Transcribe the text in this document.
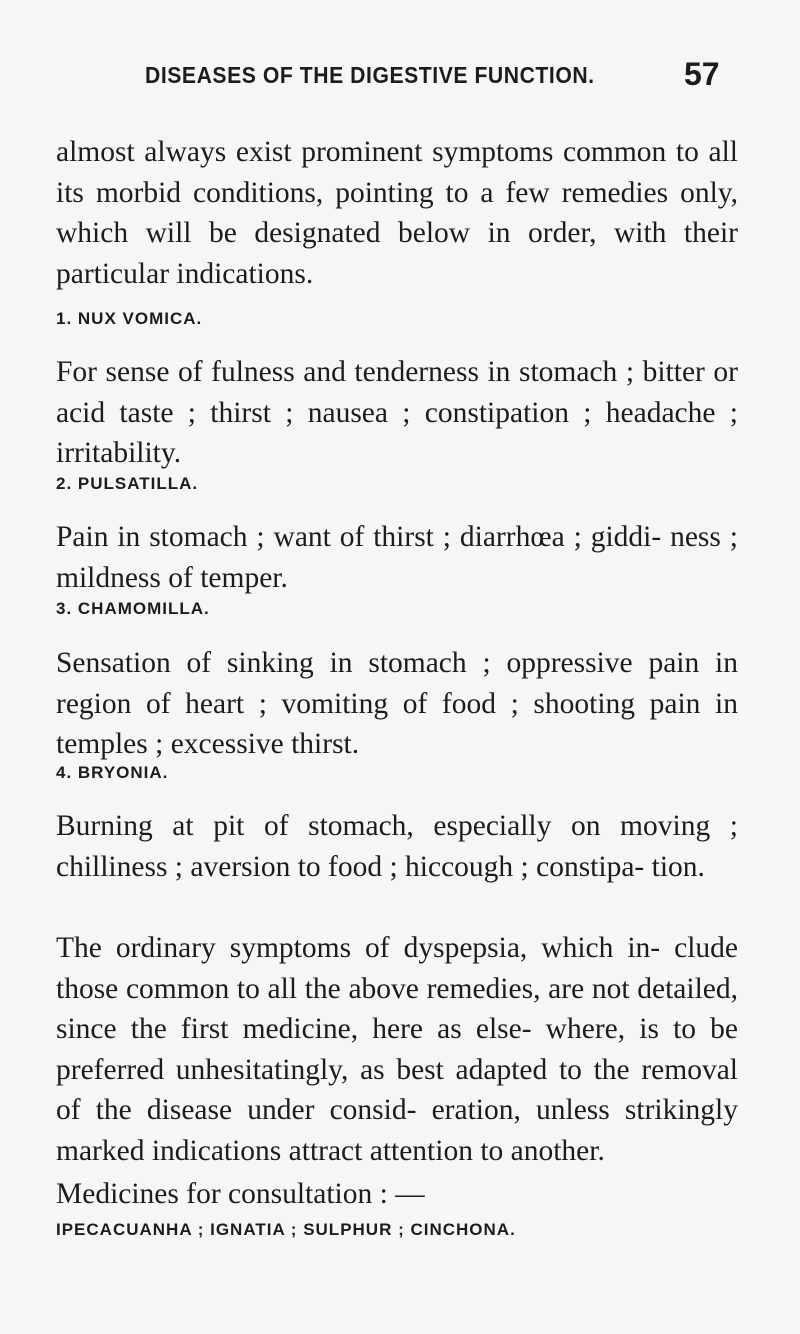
DISEASES OF THE DIGESTIVE FUNCTION.	57
almost always exist prominent symptoms common to all its morbid conditions, pointing to a few remedies only, which will be designated below in order, with their particular indications.
1. NUX VOMICA.
For sense of fulness and tenderness in stomach ; bitter or acid taste ; thirst ; nausea ; constipation ; headache ; irritability.
2. PULSATILLA.
Pain in stomach ; want of thirst ; diarrhœa ; giddi- ness ; mildness of temper.
3. CHAMOMILLA.
Sensation of sinking in stomach ; oppressive pain in region of heart ; vomiting of food ; shooting pain in temples ; excessive thirst.
4. BRYONIA.
Burning at pit of stomach, especially on moving ; chilliness ; aversion to food ; hiccough ; constipa- tion.
The ordinary symptoms of dyspepsia, which in- clude those common to all the above remedies, are not detailed, since the first medicine, here as else- where, is to be preferred unhesitatingly, as best adapted to the removal of the disease under consid- eration, unless strikingly marked indications attract attention to another.
Medicines for consultation : —
IPECACUANHA ; IGNATIA ; SULPHUR ; CINCHONA.
